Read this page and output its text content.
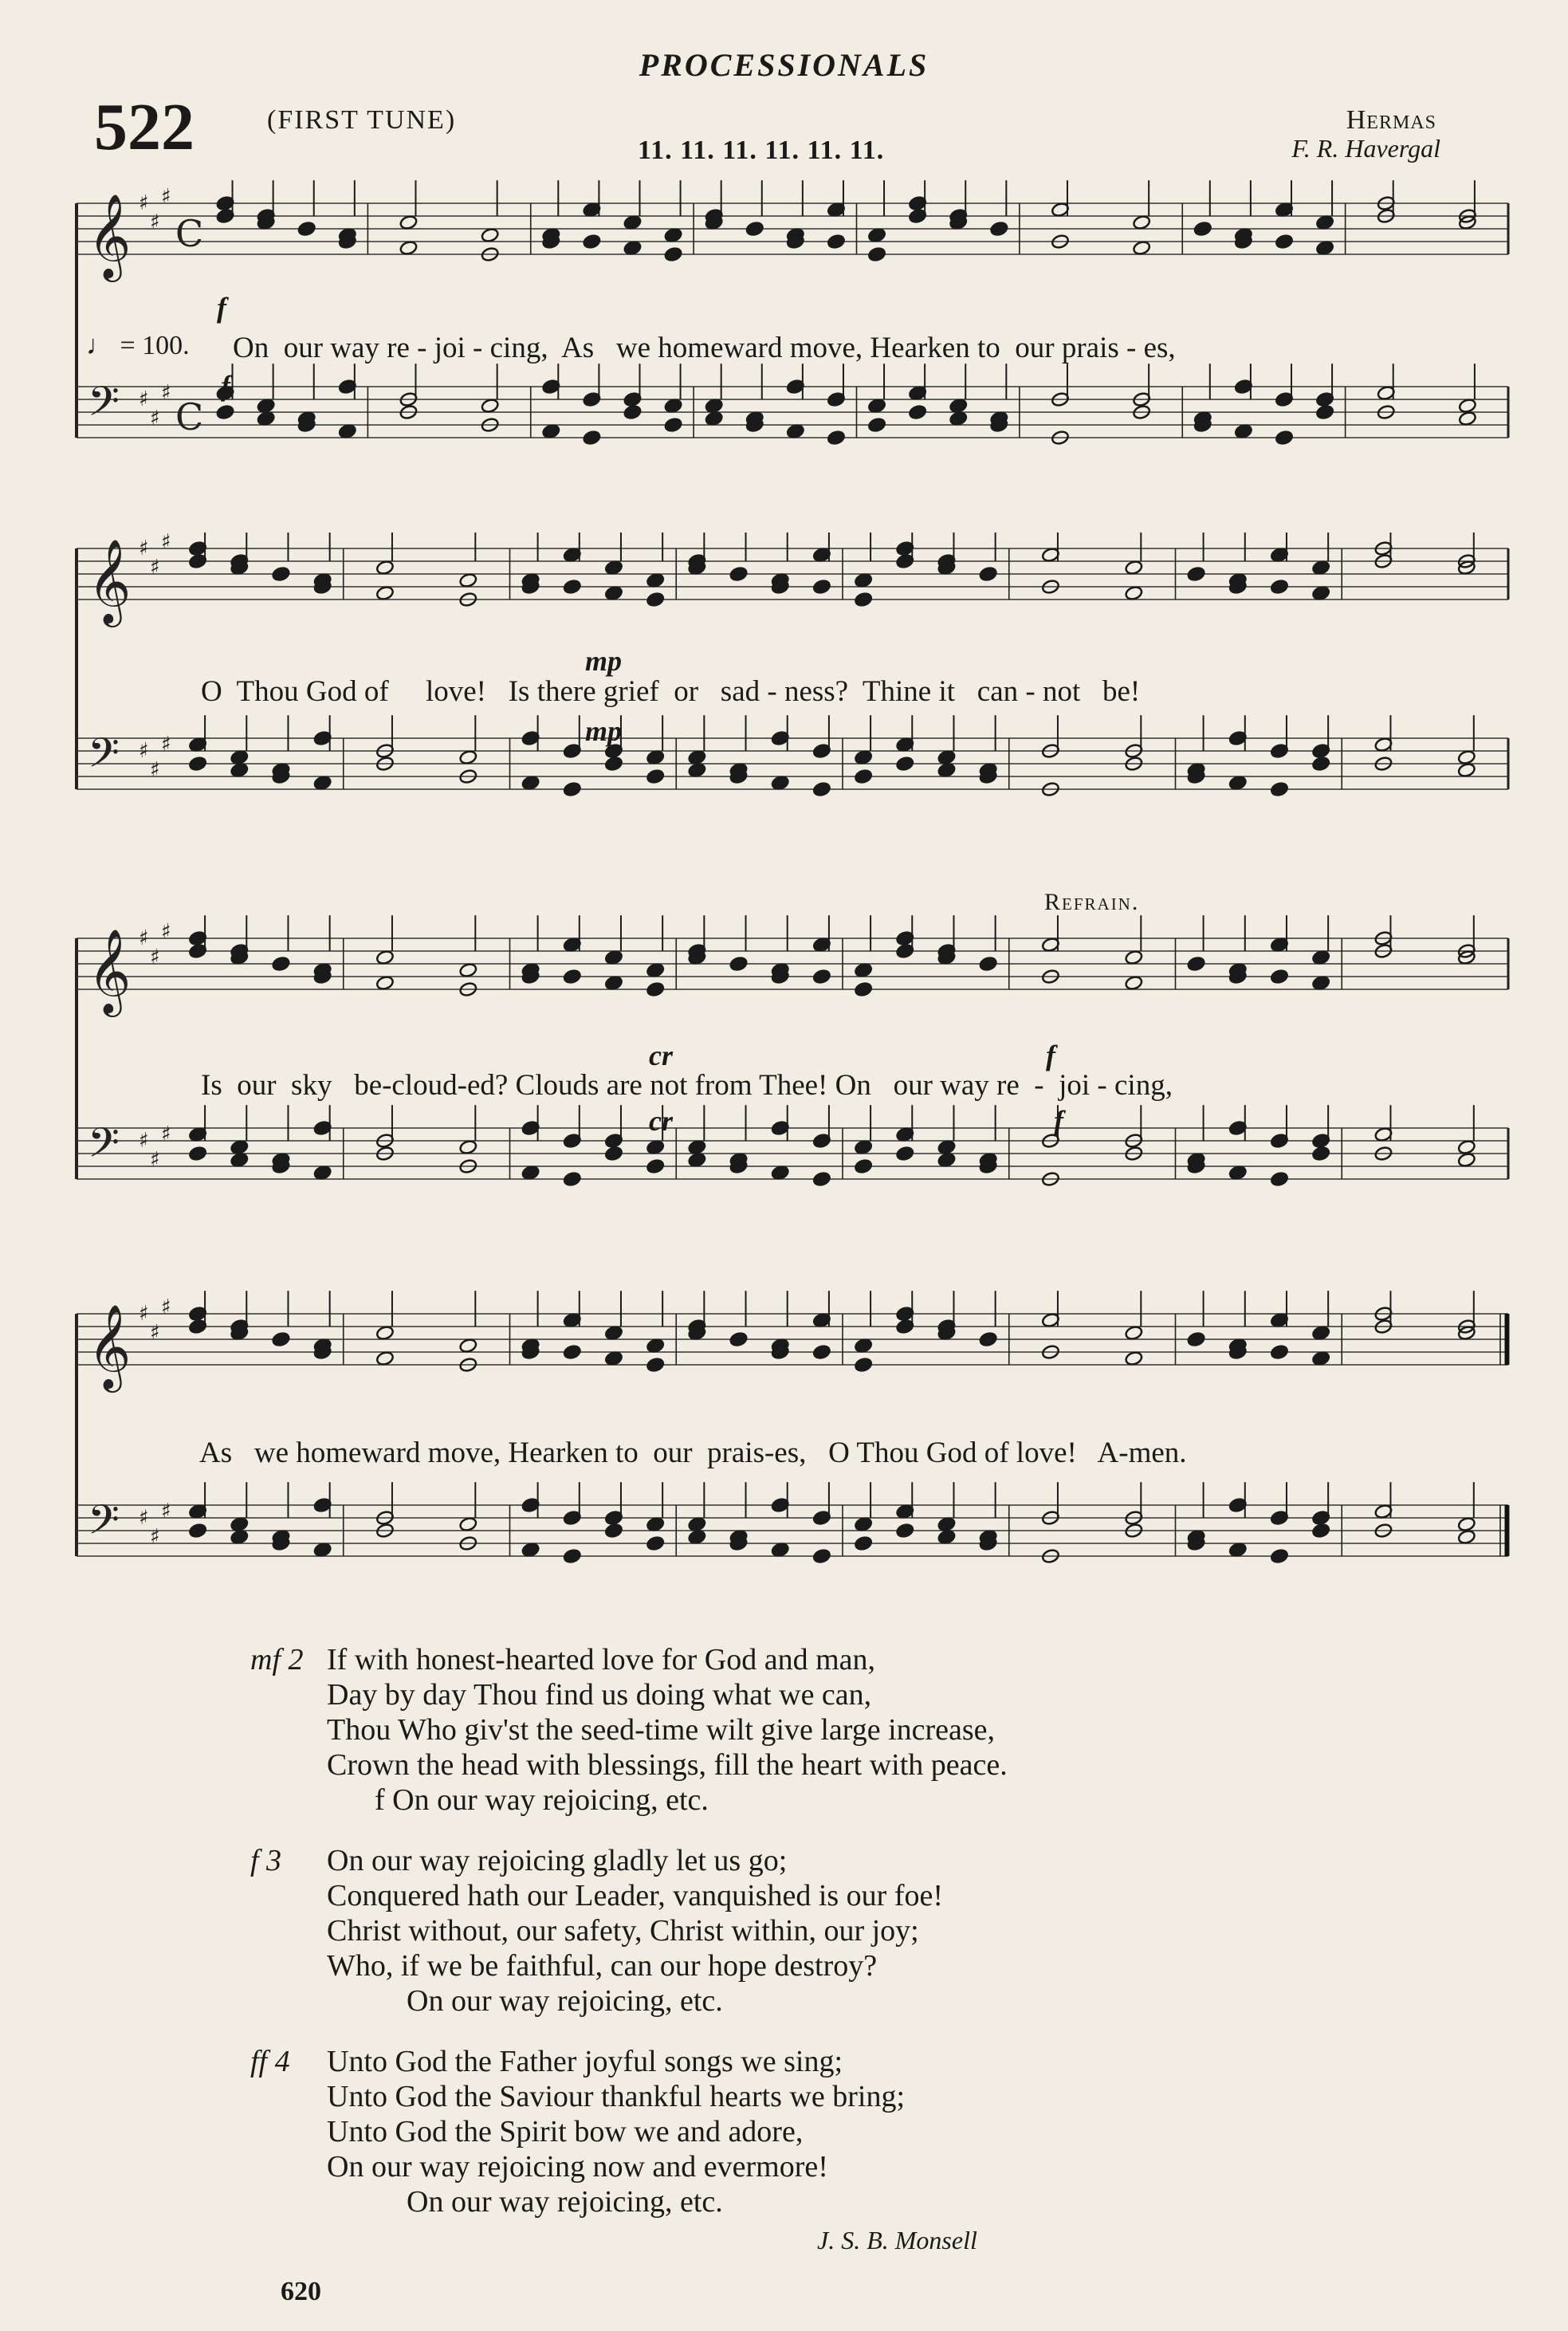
PROCESSIONALS
522	(FIRST TUNE)
11. 11. 11. 11. 11. 11.
Hermas
F. R. Havergal
𝄞 ♯
♯
♯
C
𝄢 ♯
♯
♯
C
f
♩ = 100. On  our way re - joi - cing,  As   we homeward move, Hearken to  our prais - es,
f
𝄞 ♯
♯
♯
𝄢 ♯
♯
♯
mp
O  Thou God of     love!   Is there grief  or   sad - ness?  Thine it   can - not   be!
mp
Refrain.
𝄞 ♯
♯
♯
𝄢 ♯
♯
♯
cr	f
Is  our  sky   be-cloud-ed? Clouds are not from Thee! On   our way re  -  joi - cing,
cr	f
𝄞 ♯
♯
♯
𝄢 ♯
♯
♯
As   we homeward move, Hearken to  our  prais-es,   O Thou God of love!   A-men.
mf 2 If with honest-hearted love for God and man,
Day by day Thou find us doing what we can,
Thou Who giv'st the seed-time wilt give large increase,
Crown the head with blessings, fill the heart with peace.
f On our way rejoicing, etc.
f 3 On our way rejoicing gladly let us go;
Conquered hath our Leader, vanquished is our foe!
Christ without, our safety, Christ within, our joy;
Who, if we be faithful, can our hope destroy?
On our way rejoicing, etc.
ff 4 Unto God the Father joyful songs we sing;
Unto God the Saviour thankful hearts we bring;
Unto God the Spirit bow we and adore,
On our way rejoicing now and evermore!
On our way rejoicing, etc.
J. S. B. Monsell
620
